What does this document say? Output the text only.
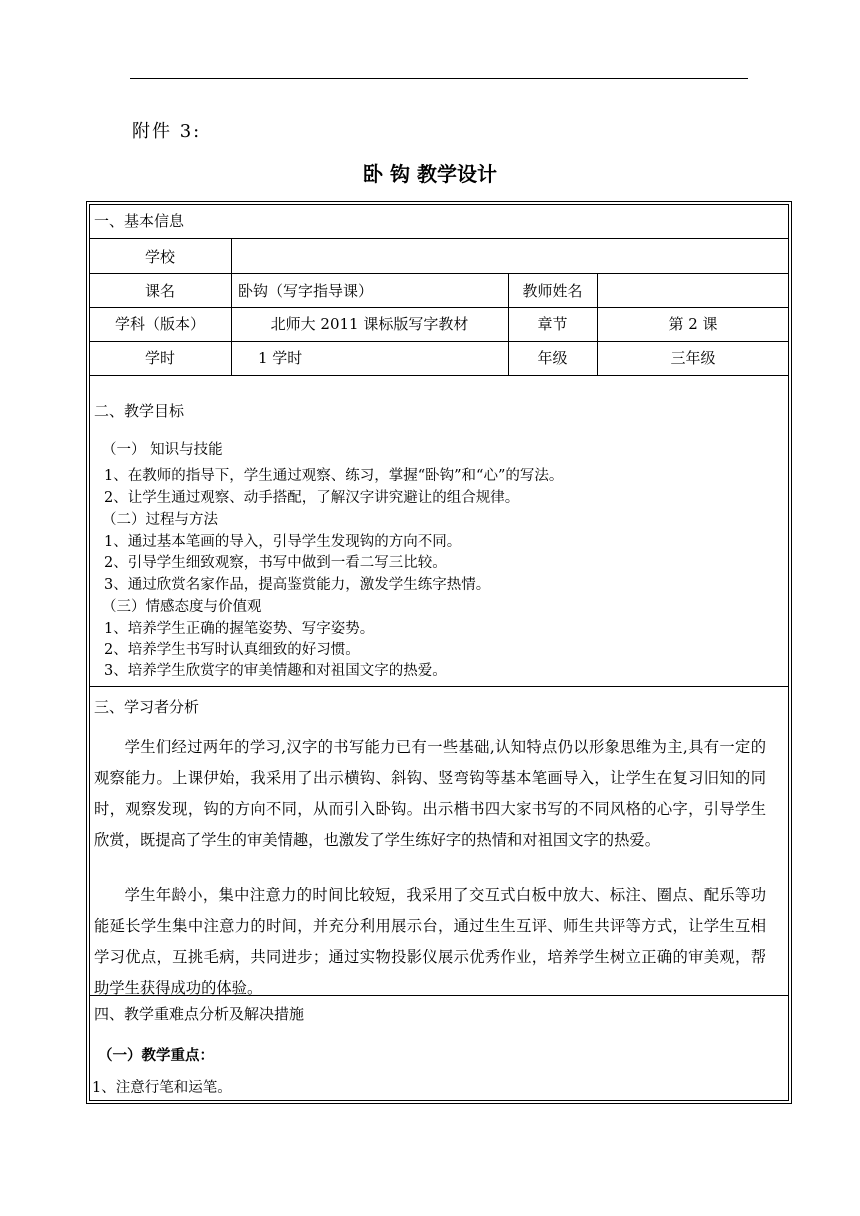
附件 3:
卧 钩 教学设计
一、基本信息
学校
课名	卧钩（写字指导课）	教师姓名
学科（版本）	北师大 2011 课标版写字教材	章节	第 2 课
学时	1 学时	年级	三年级
二、教学目标
（一） 知识与技能
1、在教师的指导下，学生通过观察、练习，掌握“卧钩”和“心”的写法。
2、让学生通过观察、动手搭配，了解汉字讲究避让的组合规律。
（二）过程与方法
1、通过基本笔画的导入，引导学生发现钩的方向不同。
2、引导学生细致观察，书写中做到一看二写三比较。
3、通过欣赏名家作品，提高鉴赏能力，激发学生练字热情。
（三）情感态度与价值观
1、培养学生正确的握笔姿势、写字姿势。
2、培养学生书写时认真细致的好习惯。
3、培养学生欣赏字的审美情趣和对祖国文字的热爱。
三、学习者分析
学生们经过两年的学习,汉字的书写能力已有一些基础,认知特点仍以形象思维为主,具有一定的观察能力。上课伊始，我采用了出示横钩、斜钩、竖弯钩等基本笔画导入，让学生在复习旧知的同时，观察发现，钩的方向不同，从而引入卧钩。出示楷书四大家书写的不同风格的心字，引导学生欣赏，既提高了学生的审美情趣，也激发了学生练好字的热情和对祖国文字的热爱。
学生年龄小，集中注意力的时间比较短，我采用了交互式白板中放大、标注、圈点、配乐等功能延长学生集中注意力的时间，并充分利用展示台，通过生生互评、师生共评等方式，让学生互相学习优点，互挑毛病，共同进步；通过实物投影仪展示优秀作业，培养学生树立正确的审美观，帮助学生获得成功的体验。
四、教学重难点分析及解决措施
（一）教学重点：
1、注意行笔和运笔。
